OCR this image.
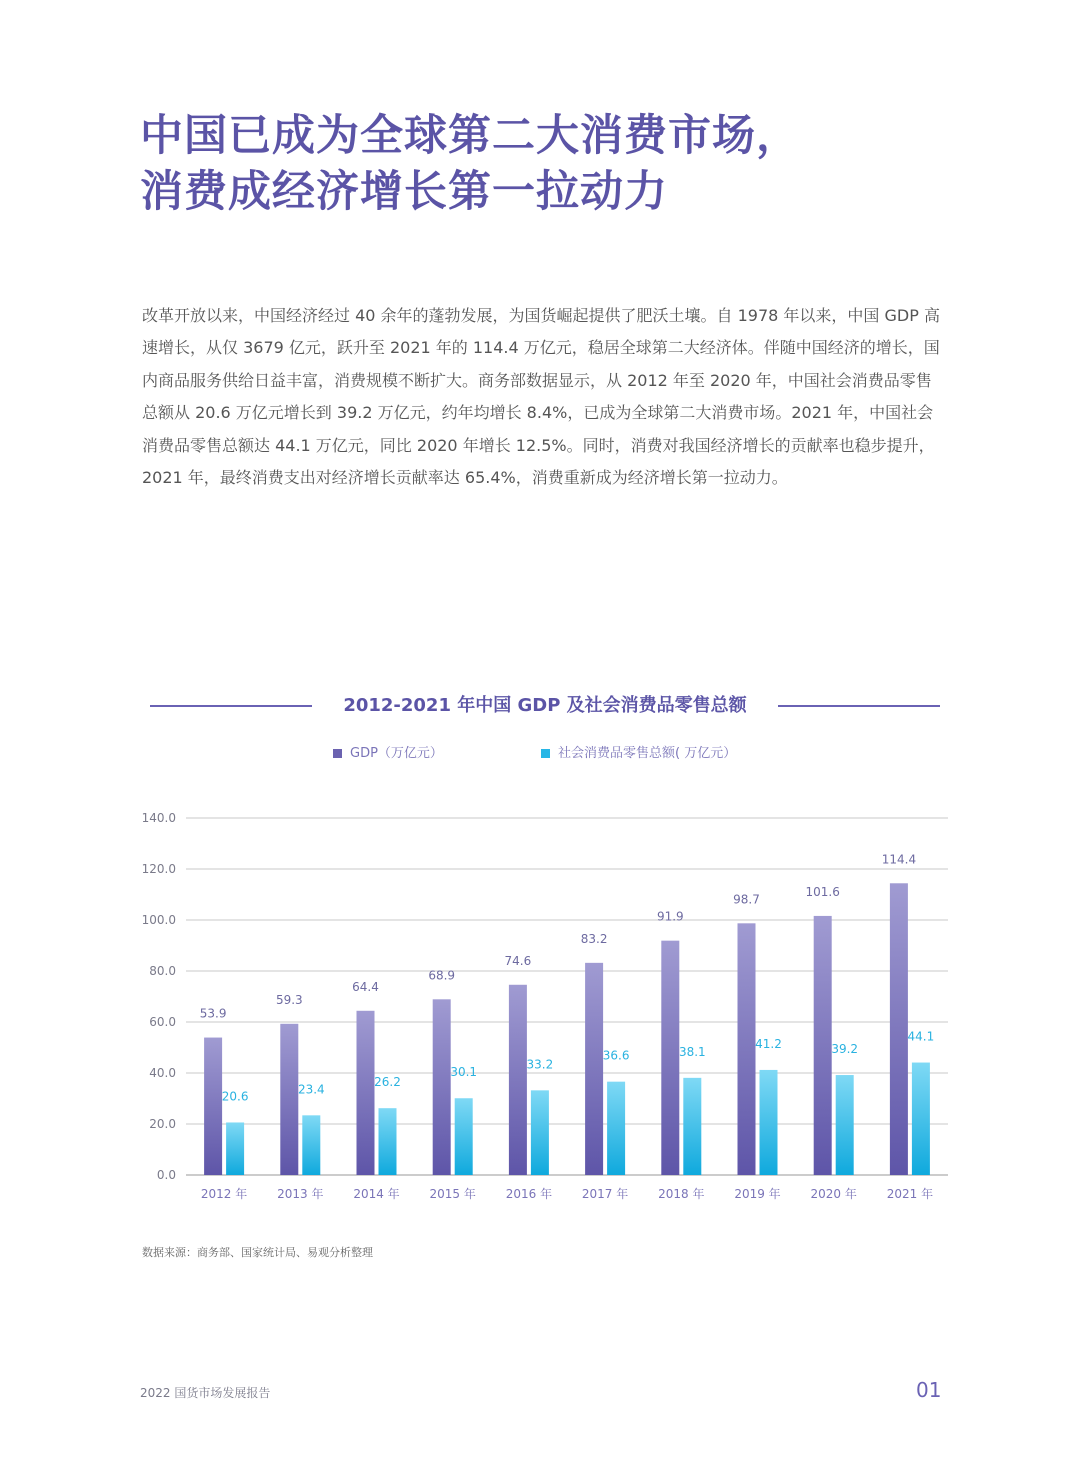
中国已成为全球第二大消费市场，
消费成经济增长第一拉动力
改革开放以来，中国经济经过 40 余年的蓬勃发展，为国货崛起提供了肥沃土壤。自 1978 年以来，中国 GDP 高速增长，从仅 3679 亿元，跃升至 2021 年的 114.4 万亿元，稳居全球第二大经济体。伴随中国经济的增长，国内商品服务供给日益丰富，消费规模不断扩大。商务部数据显示，从 2012 年至 2020 年，中国社会消费品零售总额从 20.6 万亿元增长到 39.2 万亿元，约年均增长 8.4%，已成为全球第二大消费市场。2021 年，中国社会消费品零售总额达 44.1 万亿元，同比 2020 年增长 12.5%。同时，消费对我国经济增长的贡献率也稳步提升，2021 年，最终消费支出对经济增长贡献率达 65.4%，消费重新成为经济增长第一拉动力。
2012-2021 年中国 GDP 及社会消费品零售总额
GDP（万亿元）	社会消费品零售总额( 万亿元）
0.0
20.0
40.0
60.0
80.0
100.0
120.0
140.0
53.9
20.6
2012 年
59.3
23.4
2013 年
64.4
26.2
2014 年
68.9
30.1
2015 年
74.6
33.2
2016 年
83.2
36.6
2017 年
91.9
38.1
2018 年
98.7
41.2
2019 年
101.6
39.2
2020 年
114.4
44.1
2021 年
数据来源：商务部、国家统计局、易观分析整理
2022 国货市场发展报告	01
